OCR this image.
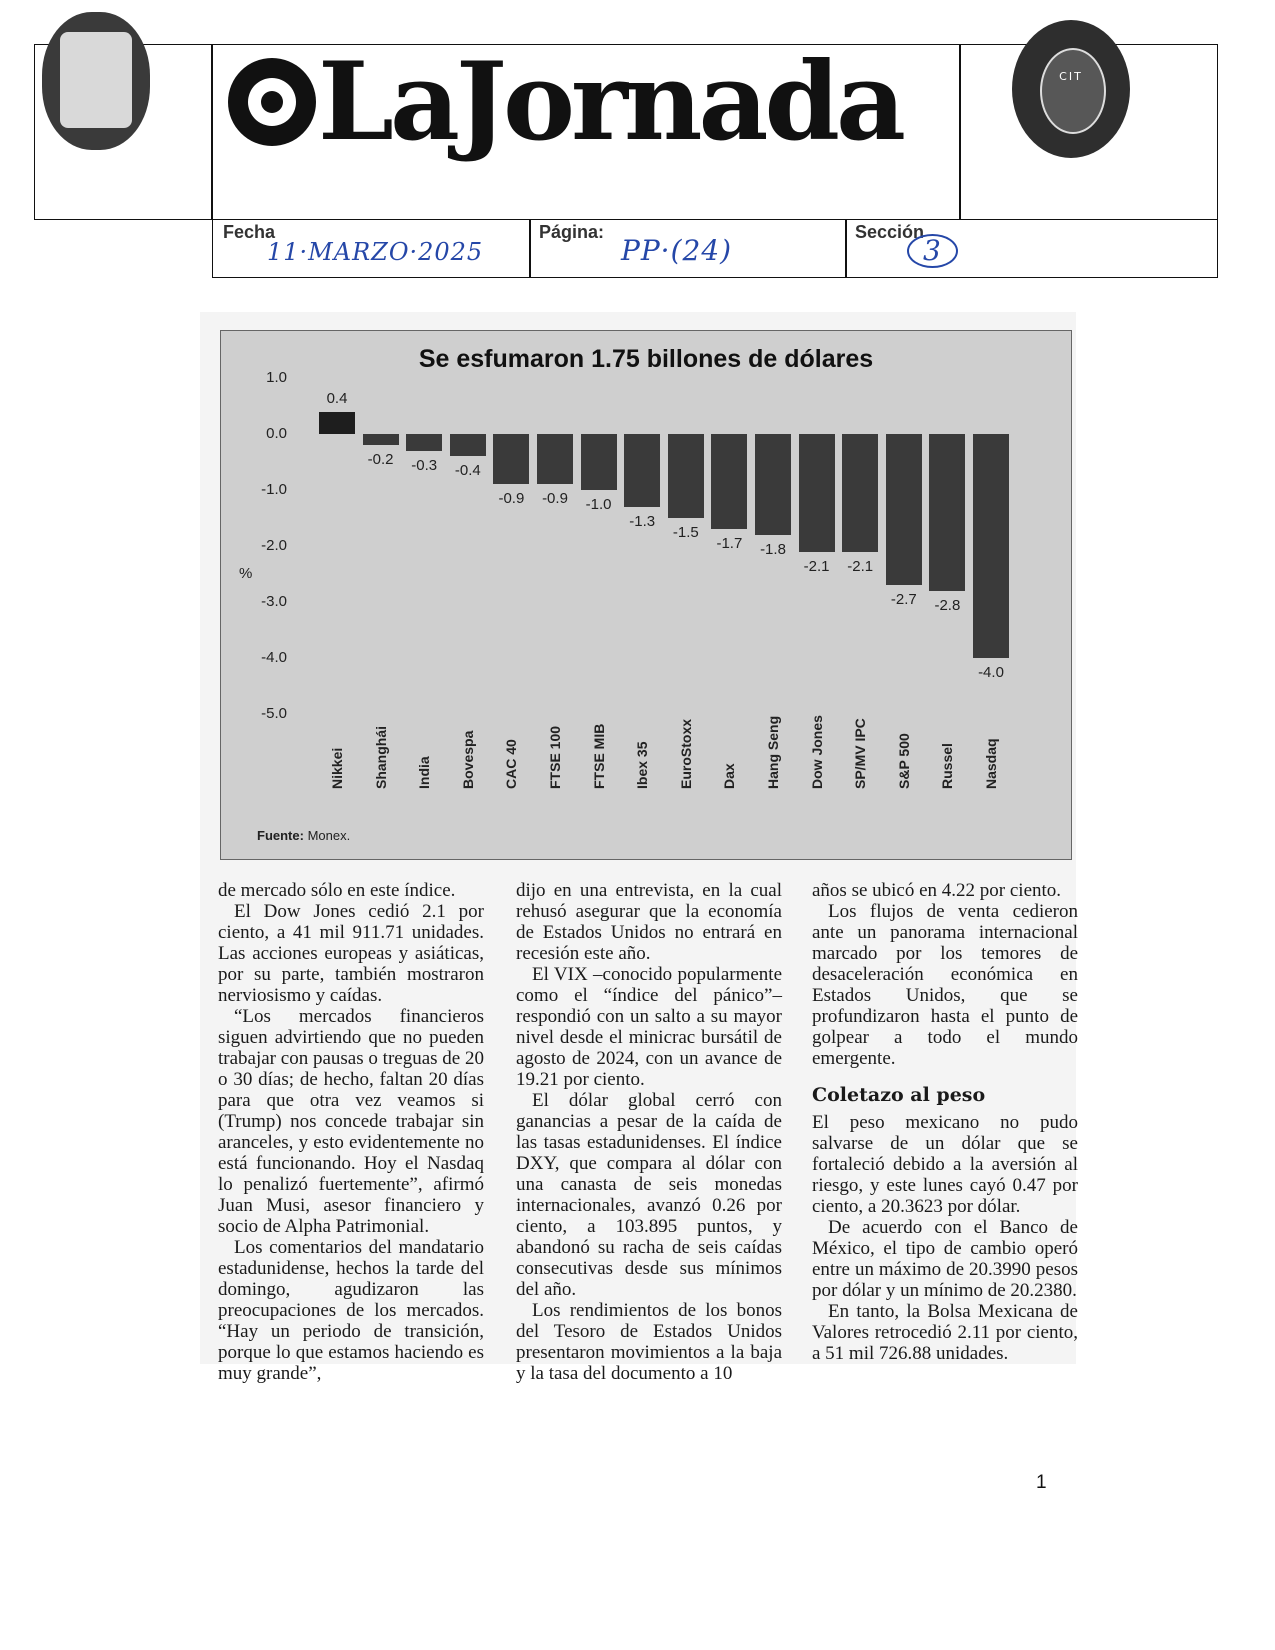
LaJornada	CIT
Fecha
11·MARZO·2025
Página:
PP·(24)
Sección
3
Se esfumaron 1.75 billones de dólares
%
Fuente: Monex.
1.0
0.0
-1.0
-2.0
-3.0
-4.0
-5.0
0.4
Nikkei
-0.2
Shanghái
-0.3
India
-0.4
Bovespa
-0.9
CAC 40
-0.9
FTSE 100
-1.0
FTSE MIB
-1.3
Ibex 35
-1.5
EuroStoxx
-1.7
Dax
-1.8
Hang Seng
-2.1
Dow Jones
-2.1
SP/MV IPC
-2.7
S&P 500
-2.8
Russel
-4.0
Nasdaq

de mercado sólo en este índice.

El Dow Jones cedió 2.1 por ciento, a 41 mil 911.71 unidades. Las acciones europeas y asiáticas, por su parte, también mostraron nerviosismo y caídas.

“Los mercados financieros siguen advirtiendo que no pueden trabajar con pausas o treguas de 20 o 30 días; de hecho, faltan 20 días para que otra vez veamos si (Trump) nos concede trabajar sin aranceles, y esto evidentemente no está funcionando. Hoy el Nasdaq lo penalizó fuertemente”, afirmó Juan Musi, asesor financiero y socio de Alpha Patrimonial.

Los comentarios del mandatario estadunidense, hechos la tarde del domingo, agudizaron las preocupaciones de los mercados. “Hay un periodo de transición, porque lo que estamos haciendo es muy grande”,

dijo en una entrevista, en la cual rehusó asegurar que la economía de Estados Unidos no entrará en recesión este año.

El VIX –conocido popularmente como el “índice del pánico”– respondió con un salto a su mayor nivel desde el minicrac bursátil de agosto de 2024, con un avance de 19.21 por ciento.

El dólar global cerró con ganancias a pesar de la caída de las tasas estadunidenses. El índice DXY, que compara al dólar con una canasta de seis monedas internacionales, avanzó 0.26 por ciento, a 103.895 puntos, y abandonó su racha de seis caídas consecutivas desde sus mínimos del año.

Los rendimientos de los bonos del Tesoro de Estados Unidos presentaron movimientos a la baja y la tasa del documento a 10

años se ubicó en 4.22 por ciento.

Los flujos de venta cedieron ante un panorama internacional marcado por los temores de desaceleración económica en Estados Unidos, que se profundizaron hasta el punto de golpear a todo el mundo emergente.

Coletazo al peso

El peso mexicano no pudo salvarse de un dólar que se fortaleció debido a la aversión al riesgo, y este lunes cayó 0.47 por ciento, a 20.3623 por dólar.

De acuerdo con el Banco de México, el tipo de cambio operó entre un máximo de 20.3990 pesos por dólar y un mínimo de 20.2380.

En tanto, la Bolsa Mexicana de Valores retrocedió 2.11 por ciento, a 51 mil 726.88 unidades.

1
